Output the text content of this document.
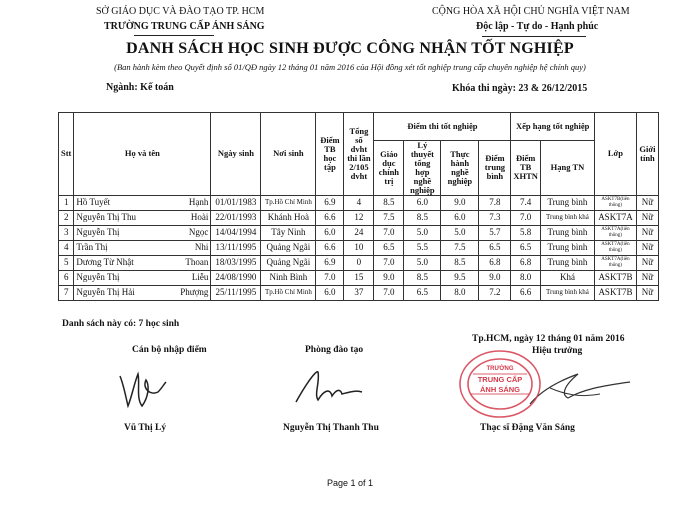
SỞ GIÁO DỤC VÀ ĐÀO TẠO TP. HCM
TRƯỜNG TRUNG CẤP ÁNH SÁNG
CỘNG HÒA XÃ HỘI CHỦ NGHĨA VIỆT NAM
Độc lập - Tự do - Hạnh phúc
DANH SÁCH HỌC SINH ĐƯỢC CÔNG NHẬN TỐT NGHIỆP
(Ban hành kèm theo Quyết định số 01/QĐ ngày 12 tháng 01 năm 2016 của Hội đồng xét tốt nghiệp trung cấp chuyên nghiệp hệ chính quy)
Ngành: Kế toán	Khóa thi ngày: 23 & 26/12/2015
Stt	Họ và tên	Ngày sinh	Nơi sinh	Điểm TB học tập	Tổng số dvht thi lần 2/105 dvht	Điểm thi tốt nghiệp				Xếp hạng tốt nghiệp		Lớp	Giới tính
						Giáo dục chính trị	Lý thuyết tổng hợp nghề nghiệp	Thực hành nghề nghiệp	Điểm trung bình	Điểm TB XHTN	Hạng TN		
1	Hồ Tuyết Hạnh	01/01/1983	Tp.Hồ Chí Minh	6.9	4	8.5	6.0	9.0	7.8	7.4	Trung bình	ASKT7B(liên thông)	Nữ
2	Nguyễn Thị Thu Hoài	22/01/1993	Khánh Hoà	6.6	12	7.5	8.5	6.0	7.3	7.0	Trung bình khá	ASKT7A	Nữ
3	Nguyễn Thị Ngọc	14/04/1994	Tây Ninh	6.0	24	7.0	5.0	5.0	5.7	5.8	Trung bình	ASKT7A(liên thông)	Nữ
4	Trần Thị Nhi	13/11/1995	Quảng Ngãi	6.6	10	6.5	5.5	7.5	6.5	6.5	Trung bình	ASKT7A(liên thông)	Nữ
5	Dương Từ Nhật Thoan	18/03/1995	Quảng Ngãi	6.9	0	7.0	5.0	8.5	6.8	6.8	Trung bình	ASKT7A(liên thông)	Nữ
6	Nguyễn Thị Liễu	24/08/1990	Ninh Bình	7.0	15	9.0	8.5	9.5	9.0	8.0	Khá	ASKT7B	Nữ
7	Nguyễn Thị Hải Phượng	25/11/1995	Tp.Hồ Chí Minh	6.0	37	7.0	6.5	8.0	7.2	6.6	Trung bình khá	ASKT7B	Nữ
Danh sách này có: 7 học sinh
Tp.HCM, ngày 12 tháng 01 năm 2016
Cán bộ nhập điểm	Phòng đào tạo	Hiệu trưởng
TRƯỜNG
TRUNG CẤP
ÁNH SÁNG
Vũ Thị Lý	Nguyễn Thị Thanh Thu	Thạc sĩ Đặng Văn Sáng
Page 1 of 1
